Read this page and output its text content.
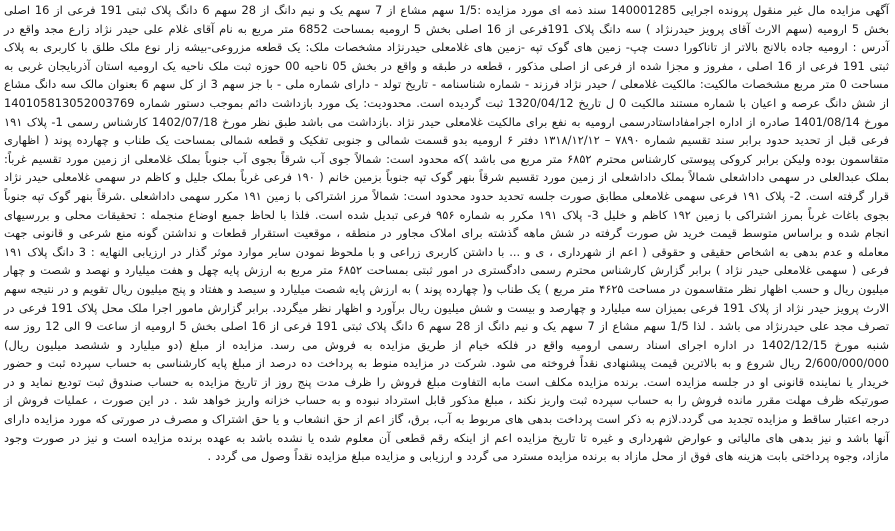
آگهی مزایده مال غیر منقول پرونده اجرایی 140001285 سند ذمه ای مورد مزایده :1/5 سهم مشاع از 7 سهم یک و نیم دانگ از 28 سهم 6 دانگ پلاک ثبتی 191 فرعی از 16 اصلی بخش 5 ارومیه (سهم الارث آقای پرویز حیدرنژاد ) سه دانگ پلاک 191فرعی از 16 اصلی بخش 5 ارومیه بمساحت 6852 متر مربع به نام آقای غلام علی حیدر نژاد زارع مجد واقع در آدرس : ارومیه جاده بالانج بالاتر از تاناکورا دست چپ- زمین های گوک تپه -زمین های غلامعلی حیدرنژاد مشخصات ملک: یک قطعه مزروعی-بیشه زار نوع ملک طلق با کاربری به پلاک ثبتی 191 فرعی از 16 اصلی ، مفروز و مجزا شده از فرعی از اصلی مذکور ، قطعه در طبقه و واقع در بخش 05 ناحیه 00 حوزه ثبت ملک ناحیه یک ارومیه استان آذربایجان غربی به مساحت 0 متر مربع مشخصات مالکیت: مالکیت غلامعلی / حیدر نژاد فرزند - شماره شناسنامه - تاریخ تولد - دارای شماره ملی - با جز سهم 3 از کل سهم 6 بعنوان مالک سه دانگ مشاع از شش دانگ عرصه و اعیان با شماره مستند مالکیت 0 ل تاریخ 1320/04/12 ثبت گردیده است. محدودیت: یک مورد بازداشت دائم بموجب دستور شماره 140105813052003769 مورخ 1401/08/14 صادره از اداره اجرامفاداستادرسمی ارومیه به نفع برای مالکیت غلامعلی حیدر نژاد .بازداشت می باشد طبق نظر مورخ 1402/07/18 کارشناس رسمی 1- پلاک ۱۹۱ فرعی قبل از تحدید حدود برابر سند تقسیم شماره ۷۸۹۰ – ۱۳۱۸/۱۲/۱۲ دفتر ۶ ارومیه بدو قسمت شمالی و جنوبی تفکیک و قطعه شمالی بمساحت یک طناب و چهارده پوند ( اظهاری متقاسمون بوده ولیکن برابر کروکی پیوستی کارشناس محترم ۶۸۵۲ متر مربع می باشد )که محدود است: شمالاً جوی آب شرقاً بجوی آب جنوباً بملک غلامعلی از زمین مورد تقسیم غرباً: بملک عبدالعلی در سهمی داداشعلی شمالاً بملک داداشعلی از زمین مورد تقسیم شرقاً بنهر گوک تپه جنوباً بزمین خانم ( ۱۹۰ فرعی غرباً بملک جلیل و کاظم در سهمی غلامعلی حیدر نژاد قرار گرفته است. 2- پلاک ۱۹۱ فرعی سهمی غلامعلی مطابق صورت جلسه تحدید حدود محدود است: شمالاً مرز اشتراکی با زمین ۱۹۱ مکرر سهمی داداشعلی .شرقاً بنهر گوک تپه جنوباً بجوی باغات غرباً بمرز اشتراکی با زمین ۱۹۲ کاظم و خلیل 3- پلاک ۱۹۱ مکرر به شماره ۹۵۶ فرعی تبدیل شده است. فلذا با لحاظ جمیع اوضاع منجمله : تحقیقات محلی و بررسیهای انجام شده و براساس متوسط قیمت خرید ش صورت گرفته در شش ماهه گذشته برای املاک مجاور در منطقه ، موقعیت استقرار قطعات و نداشتن گونه منع شرعی و قانونی جهت معامله و عدم بدهی به اشخاص حقیقی و حقوقی ( اعم از شهرداری ، ی و ... با داشتن کاربری زراعی و با ملحوظ نمودن سایر موارد موثر گذار در ارزیابی النهایه : 3 دانگ پلاک ۱۹۱ فرعی ( سهمی غلامعلی حیدر نژاد ) برابر گزارش کارشناس محترم رسمی دادگستری در امور ثبتی بمساحت ۶۸۵۲ متر مربع به ارزش پایه چهل و هفت میلیارد و نهصد و شصت و چهار میلیون ریال و حسب اظهار نظر متقاسمون در مساحت ۴۶۲۵ متر مربع ) یک طناب و( چهارده پوند ) به ارزش پایه شصت میلیارد و سیصد و هفتاد و پنج میلیون ریال تقویم و در نتیجه سهم الارث پرویز حیدر نژاد از پلاک 191 فرعی بمیزان سه میلیارد و چهارصد و بیست و شش میلیون ریال برآورد و اظهار نظر میگردد. برابر گزارش مامور اجرا ملک محل پلاک 191 فرعی در تصرف مجد علی حیدرنژاد می باشد . لذا 1/5 سهم مشاع از 7 سهم یک و نیم دانگ از 28 سهم 6 دانگ پلاک ثبتی 191 فرعی از 16 اصلی بخش 5 ارومیه از ساعت 9 الی 12 روز سه شنبه مورخ 1402/12/15 در اداره اجرای اسناد رسمی ارومیه واقع در فلکه خیام از طریق مزایده به فروش می رسد. مزایده از مبلغ (دو میلیارد و ششصد میلیون ریال) 2/600/000/000 ریال شروع و به بالاترین قیمت پیشنهادی نقداً فروخته می شود. شرکت در مزایده منوط به پرداخت ده درصد از مبلغ پایه کارشناسی به حساب سپرده ثبت و حضور خریدار یا نماینده قانونی او در جلسه مزایده است. برنده مزایده مکلف است مابه التفاوت مبلغ فروش را ظرف مدت پنج روز از تاریخ مزایده به حساب صندوق ثبت تودیع نماید و در صورتیکه ظرف مهلت مقرر مانده فروش را به حساب سپرده ثبت واریز نکند ، مبلغ مذکور قابل استرداد نبوده و به حساب خزانه واریز خواهد شد . در این صورت ، عملیات فروش از درجه اعتبار ساقط و مزایده تجدید می گردد.لازم به ذکر است پرداخت بدهی های مربوط به آب، برق، گاز اعم از حق انشعاب و یا حق اشتراک و مصرف در صورتی که مورد مزایده دارای آنها باشد و نیز بدهی های مالیاتی و عوارض شهرداری و غیره تا تاریخ مزایده اعم از اینکه رقم قطعی آن معلوم شده یا نشده باشد به عهده برنده مزایده است و نیز در صورت وجود مازاد، وجوه پرداختی بابت هزینه های فوق از محل مازاد به برنده مزایده مسترد می گردد و ارزیابی و مزایده مبلغ مزایده نقداً وصول می گردد .
